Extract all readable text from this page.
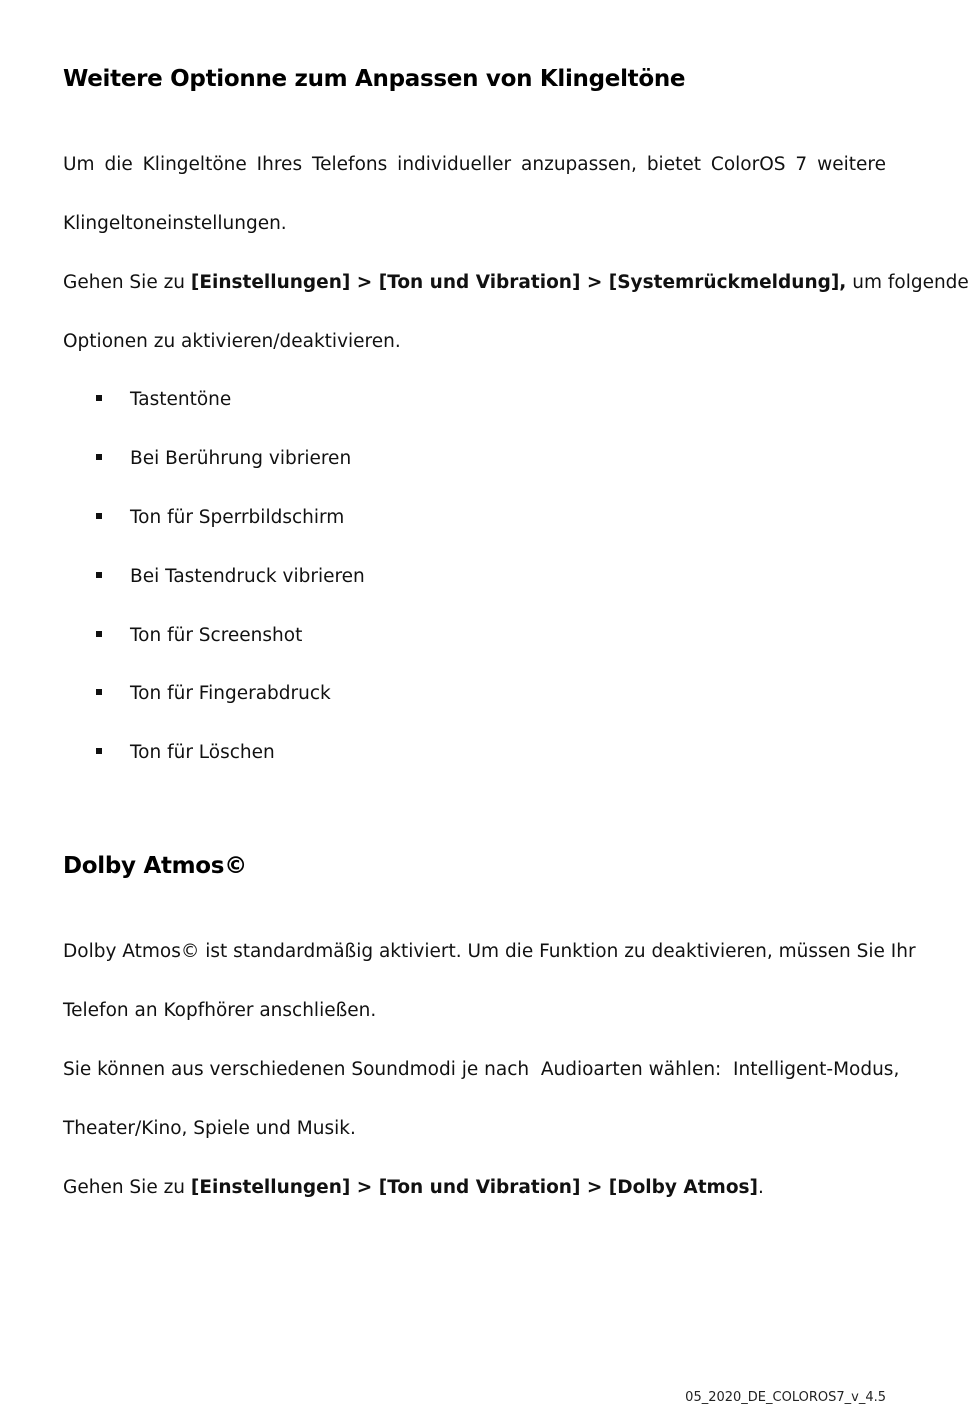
Weitere Optionne zum Anpassen von Klingeltöne
Um die Klingeltöne Ihres Telefons individueller anzupassen, bietet ColorOS 7 weitere
Klingeltoneinstellungen.
Gehen Sie zu [Einstellungen] > [Ton und Vibration] > [Systemrückmeldung], um folgende
Optionen zu aktivieren/deaktivieren.
Tastentöne
Bei Berührung vibrieren
Ton für Sperrbildschirm
Bei Tastendruck vibrieren
Ton für Screenshot
Ton für Fingerabdruck
Ton für Löschen
Dolby Atmos©
Dolby Atmos© ist standardmäßig aktiviert. Um die Funktion zu deaktivieren, müssen Sie Ihr
Telefon an Kopfhörer anschließen.
Sie können aus verschiedenen Soundmodi je nach  Audioarten wählen:  Intelligent-Modus,
Theater/Kino, Spiele und Musik.
Gehen Sie zu [Einstellungen] > [Ton und Vibration] > [Dolby Atmos].
05_2020_DE_COLOROS7_v_4.5
